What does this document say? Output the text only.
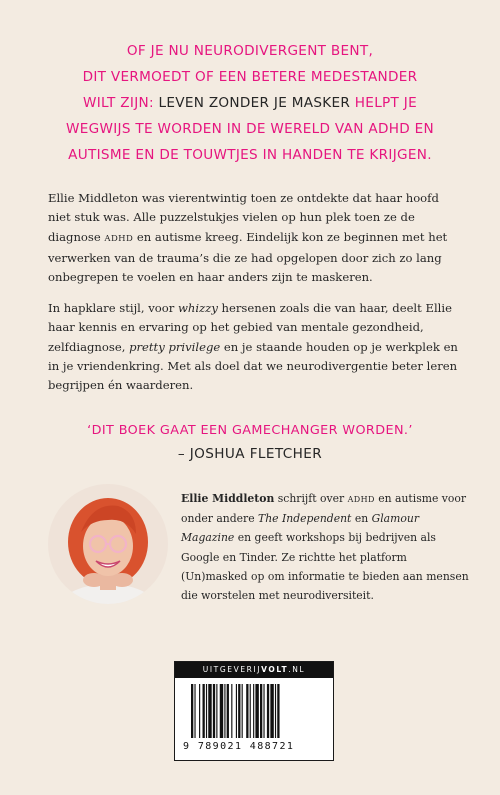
OF JE NU NEURODIVERGENT BENT,
DIT VERMOEDT OF EEN BETERE MEDESTANDER
WILT ZIJN: LEVEN ZONDER JE MASKER HELPT JE
WEGWIJS TE WORDEN IN DE WERELD VAN ADHD EN
AUTISME EN DE TOUWTJES IN HANDEN TE KRIJGEN.
Ellie Middleton was vierentwintig toen ze ontdekte dat haar hoofd niet stuk was. Alle puzzelstukjes vielen op hun plek toen ze de diagnose ADHD en autisme kreeg. Eindelijk kon ze beginnen met het verwerken van de trauma’s die ze had opgelopen door zich zo lang onbegrepen te voelen en haar anders zijn te maskeren.
In hapklare stijl, voor whizzy hersenen zoals die van haar, deelt Ellie haar kennis en ervaring op het gebied van mentale gezondheid, zelfdiagnose, pretty privilege en je staande houden op je werkplek en in je vriendenkring. Met als doel dat we neurodivergentie beter leren begrijpen én waarderen.
‘DIT BOEK GAAT EEN GAMECHANGER WORDEN.’
– JOSHUA FLETCHER
Ellie Middleton schrijft over ADHD en autisme voor onder andere The Independent en Glamour Magazine en geeft workshops bij bedrijven als Google en Tinder. Ze richtte het platform (Un)masked op om informatie te bieden aan mensen die worstelen met neurodiversiteit.
UITGEVERIJVOLT.NL
9 789021 488721
